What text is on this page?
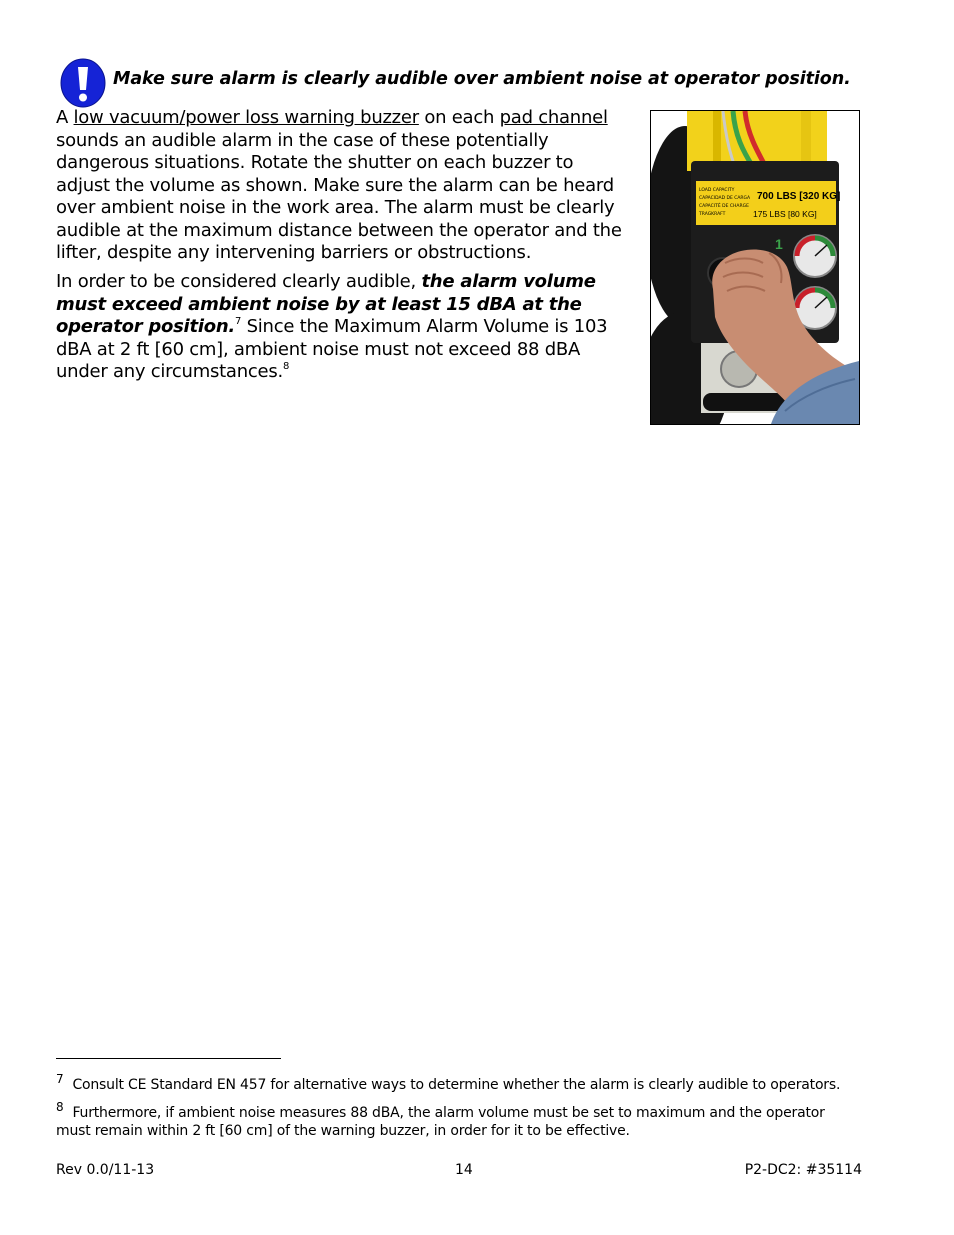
Make sure alarm is clearly audible over ambient noise at operator position.
A low vacuum/power loss warning buzzer on each pad channel sounds an audible alarm in the case of these potentially dangerous situations. Rotate the shutter on each buzzer to adjust the volume as shown. Make sure the alarm can be heard over ambient noise in the work area. The alarm must be clearly audible at the maximum distance between the operator and the lifter, despite any intervening barriers or obstructions.
In order to be considered clearly audible, the alarm volume must exceed ambient noise by at least 15 dBA at the operator position.$^7$ Since the Maximum Alarm Volume is 103 dBA at 2 ft [60 cm], ambient noise must not exceed 88 dBA under any circumstances.$^8$
LOAD CAPACITY
CAPACIDAD DE CARGA
CAPACITÉ DE CHARGE
TRAGKRAFT
700 LBS [320 KG]
175 LBS [80 KG]
1
7 Consult CE Standard EN 457 for alternative ways to determine whether the alarm is clearly audible to operators.
8 Furthermore, if ambient noise measures 88 dBA, the alarm volume must be set to maximum and the operator must remain within 2 ft [60 cm] of the warning buzzer, in order for it to be effective.
Rev 0.0/11-13	14	P2-DC2: #35114
